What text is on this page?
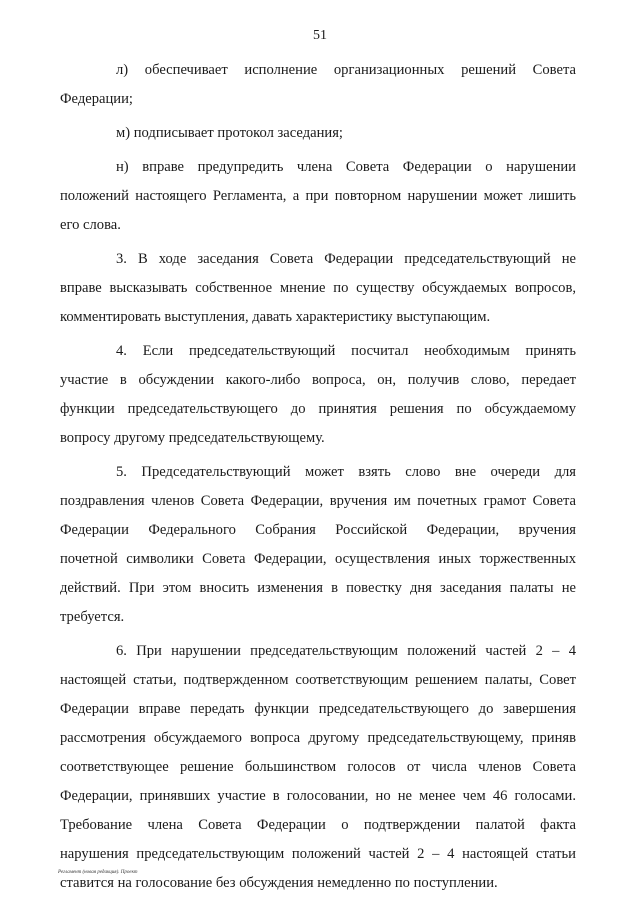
51
л) обеспечивает исполнение организационных решений Совета
Федерации;
м) подписывает протокол заседания;
н) вправе предупредить члена Совета Федерации о нарушении
положений настоящего Регламента, а при повторном нарушении может лишить
его слова.
3. В ходе заседания Совета Федерации председательствующий не
вправе высказывать собственное мнение по существу обсуждаемых вопросов,
комментировать выступления, давать характеристику выступающим.
4. Если председательствующий посчитал необходимым принять
участие в обсуждении какого-либо вопроса, он, получив слово, передает
функции председательствующего до принятия решения по обсуждаемому
вопросу другому председательствующему.
5. Председательствующий может взять слово вне очереди для
поздравления членов Совета Федерации, вручения им почетных грамот Совета
Федерации Федерального Собрания Российской Федерации, вручения
почетной символики Совета Федерации, осуществления иных торжественных
действий. При этом вносить изменения в повестку дня заседания палаты не
требуется.
6. При нарушении председательствующим положений частей 2 – 4
настоящей статьи, подтвержденном соответствующим решением палаты, Совет
Федерации вправе передать функции председательствующего до завершения
рассмотрения обсуждаемого вопроса другому председательствующему, приняв
соответствующее решение большинством голосов от числа членов Совета
Федерации, принявших участие в голосовании, но не менее чем 46 голосами.
Требование члена Совета Федерации о подтверждении палатой факта
нарушения председательствующим положений частей 2 – 4 настоящей статьи
ставится на голосование без обсуждения немедленно по поступлении.
Регламент (новая редакция). Проект
